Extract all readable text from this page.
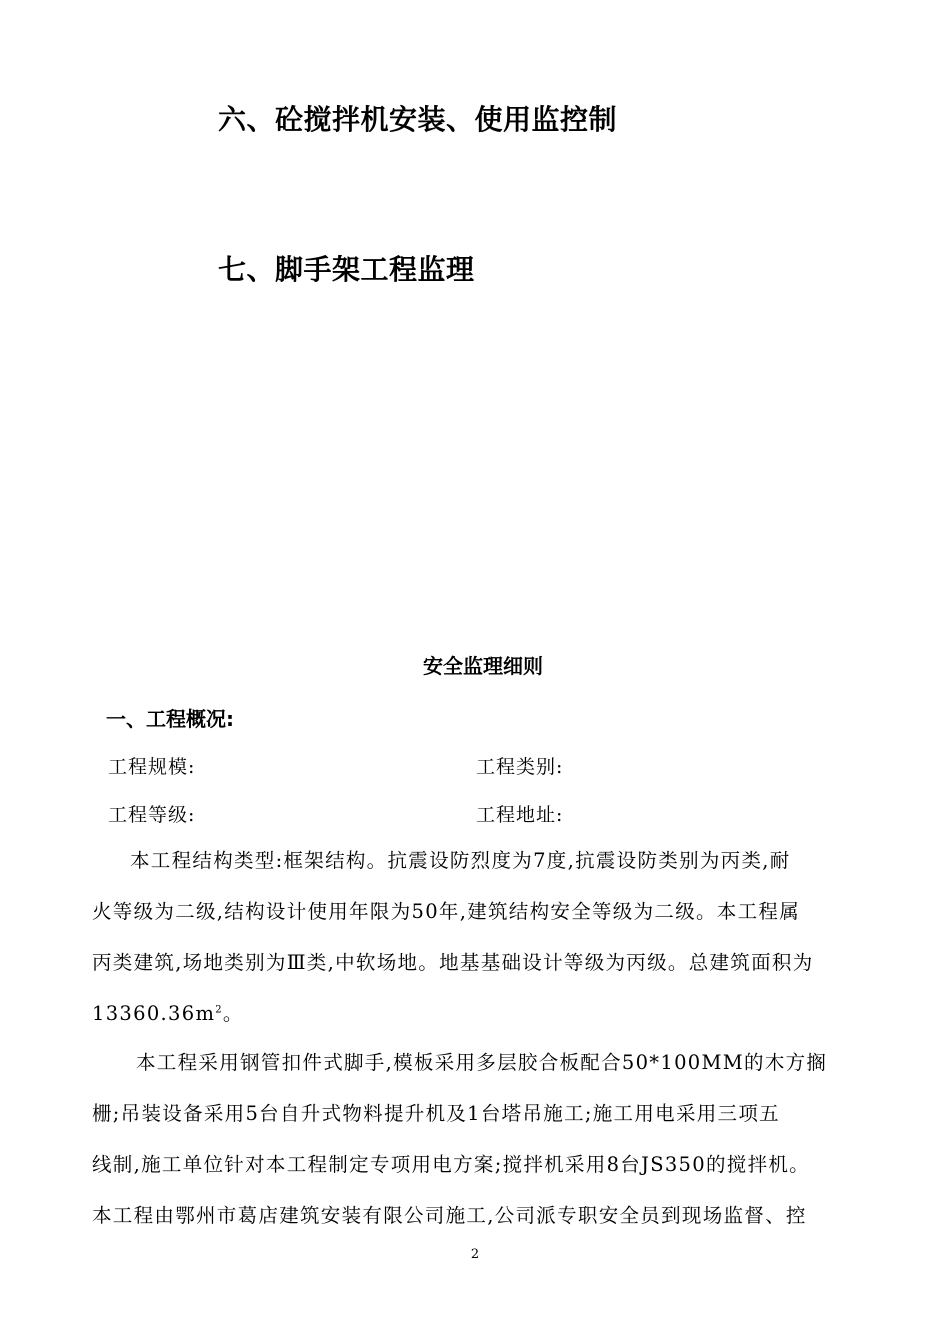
六、砼搅拌机安装、使用监控制
七、脚手架工程监理
安全监理细则
一、工程概况:
工程规模:	工程类别:
工程等级:	工程地址:
本工程结构类型:框架结构。抗震设防烈度为7度,抗震设防类别为丙类,耐
火等级为二级,结构设计使用年限为50年,建筑结构安全等级为二级。本工程属
丙类建筑,场地类别为Ⅲ类,中软场地。地基基础设计等级为丙级。总建筑面积为
$13360.36m^2$。
本工程采用钢管扣件式脚手,模板采用多层胶合板配合50*100MM的木方搁
栅;吊装设备采用5台自升式物料提升机及1台塔吊施工;施工用电采用三项五
线制,施工单位针对本工程制定专项用电方案;搅拌机采用8台JS350的搅拌机。
本工程由鄂州市葛店建筑安装有限公司施工,公司派专职安全员到现场监督、控
2
